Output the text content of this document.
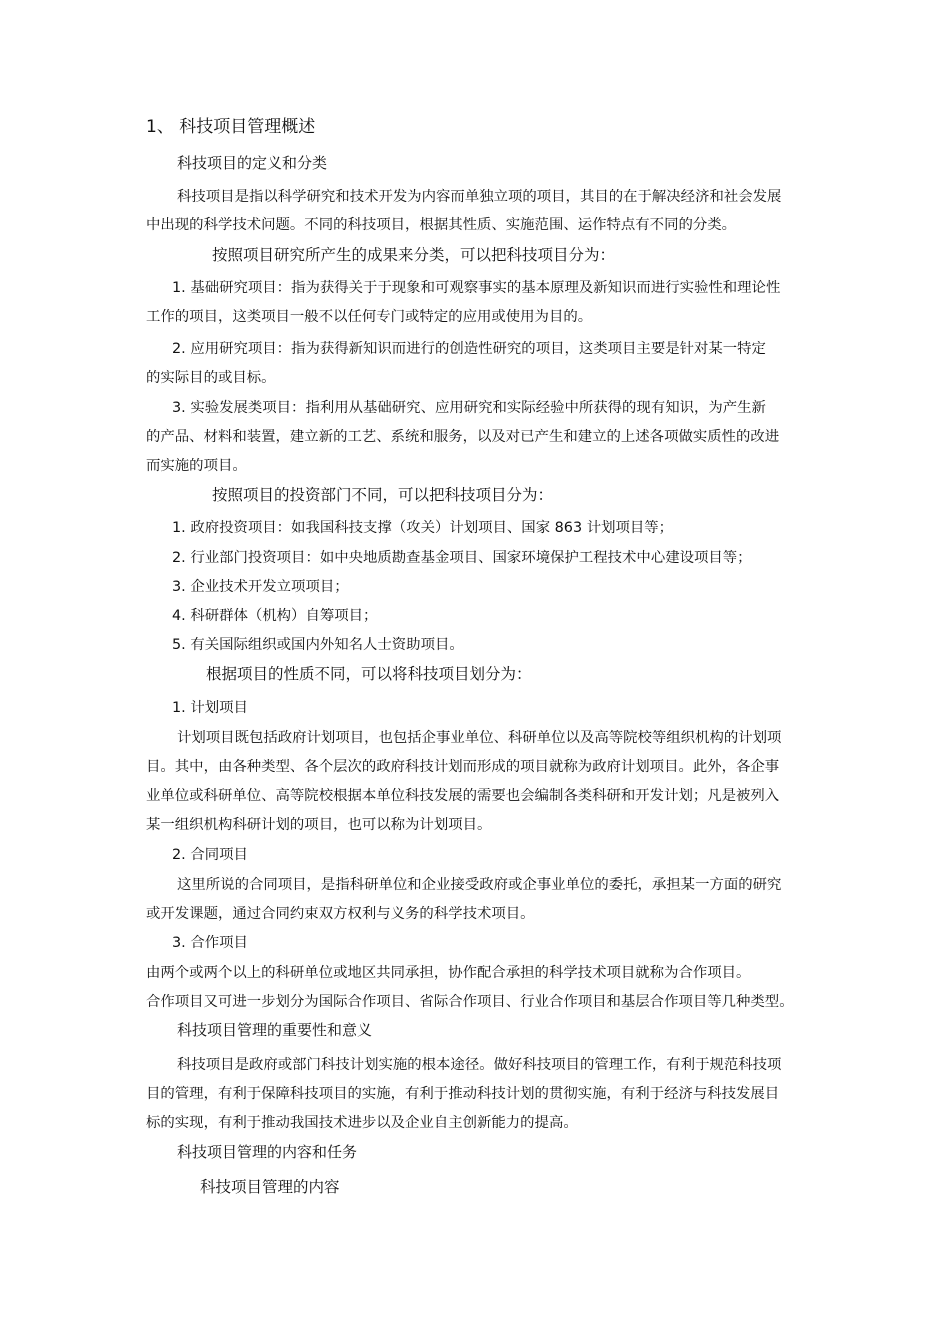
1、 科技项目管理概述
科技项目的定义和分类
科技项目是指以科学研究和技术开发为内容而单独立项的项目，其目的在于解决经济和社会发展
中出现的科学技术问题。不同的科技项目，根据其性质、实施范围、运作特点有不同的分类。
按照项目研究所产生的成果来分类，可以把科技项目分为：
1. 基础研究项目：指为获得关于于现象和可观察事实的基本原理及新知识而进行实验性和理论性
工作的项目，这类项目一般不以任何专门或特定的应用或使用为目的。
2. 应用研究项目：指为获得新知识而进行的创造性研究的项目，这类项目主要是针对某一特定
的实际目的或目标。
3. 实验发展类项目：指利用从基础研究、应用研究和实际经验中所获得的现有知识，为产生新
的产品、材料和装置，建立新的工艺、系统和服务，以及对已产生和建立的上述各项做实质性的改进
而实施的项目。
按照项目的投资部门不同，可以把科技项目分为：
1. 政府投资项目：如我国科技支撑（攻关）计划项目、国家 863 计划项目等；
2. 行业部门投资项目：如中央地质勘查基金项目、国家环境保护工程技术中心建设项目等；
3. 企业技术开发立项项目；
4. 科研群体（机构）自筹项目；
5. 有关国际组织或国内外知名人士资助项目。
根据项目的性质不同，可以将科技项目划分为：
1. 计划项目
计划项目既包括政府计划项目，也包括企事业单位、科研单位以及高等院校等组织机构的计划项
目。其中，由各种类型、各个层次的政府科技计划而形成的项目就称为政府计划项目。此外，各企事
业单位或科研单位、高等院校根据本单位科技发展的需要也会编制各类科研和开发计划；凡是被列入
某一组织机构科研计划的项目，也可以称为计划项目。
2. 合同项目
这里所说的合同项目，是指科研单位和企业接受政府或企事业单位的委托，承担某一方面的研究
或开发课题，通过合同约束双方权利与义务的科学技术项目。
3. 合作项目
由两个或两个以上的科研单位或地区共同承担，协作配合承担的科学技术项目就称为合作项目。
合作项目又可进一步划分为国际合作项目、省际合作项目、行业合作项目和基层合作项目等几种类型。
科技项目管理的重要性和意义
科技项目是政府或部门科技计划实施的根本途径。做好科技项目的管理工作，有利于规范科技项
目的管理，有利于保障科技项目的实施，有利于推动科技计划的贯彻实施，有利于经济与科技发展目
标的实现，有利于推动我国技术进步以及企业自主创新能力的提高。
科技项目管理的内容和任务
科技项目管理的内容
